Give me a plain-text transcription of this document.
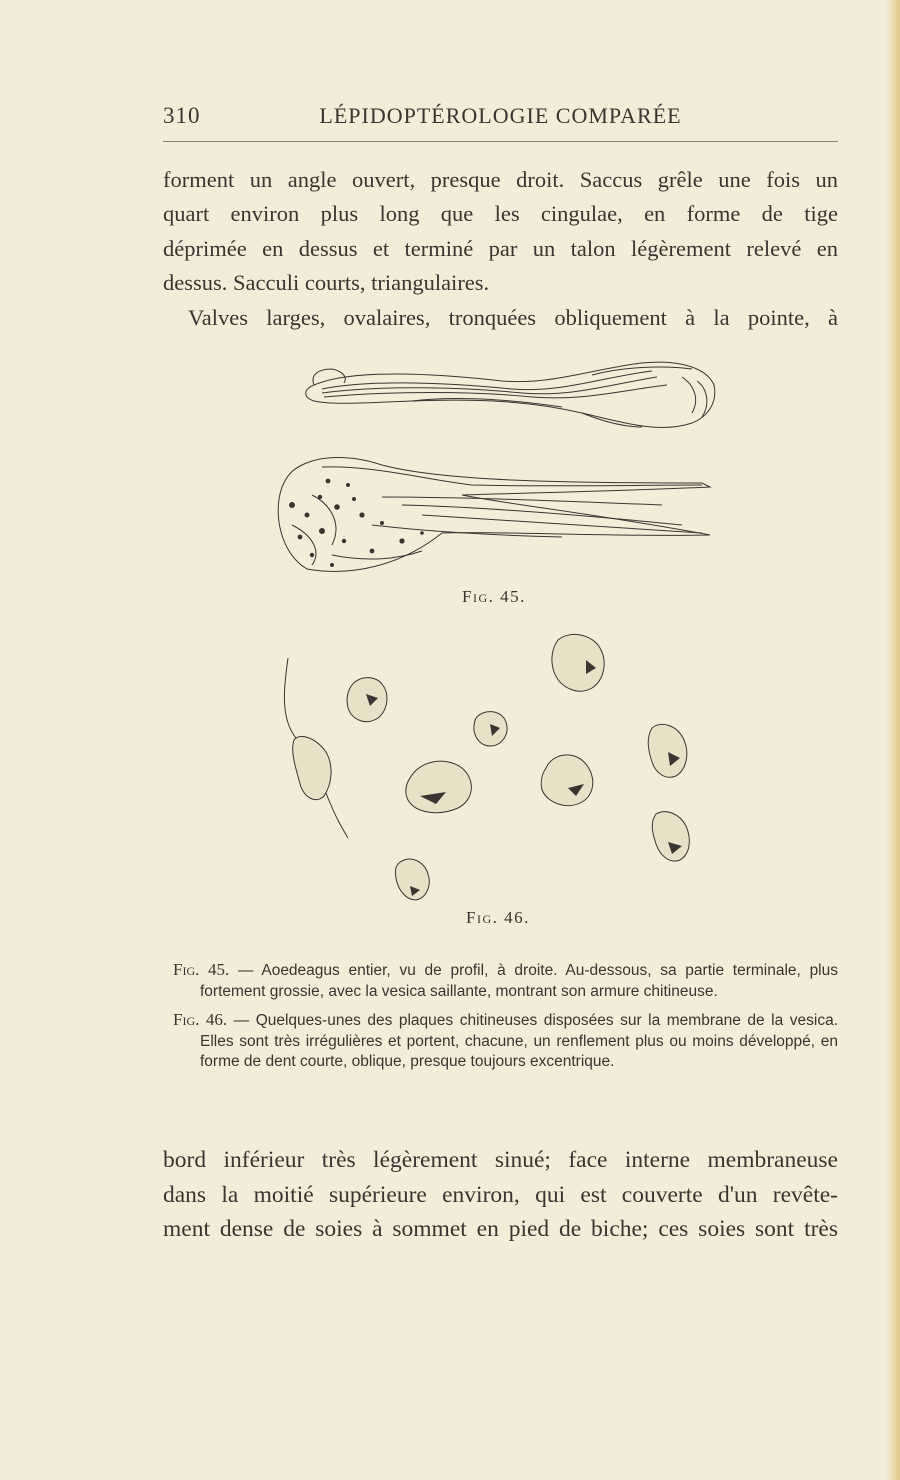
310	LÉPIDOPTÉROLOGIE COMPARÉE

forment un angle ouvert, presque droit. Saccus grêle une fois un

quart environ plus long que les cingulae, en forme de tige

déprimée en dessus et terminé par un talon légèrement relevé en

dessus. Sacculi courts, triangulaires.

Valves larges, ovalaires, tronquées obliquement à la pointe, à

Fig. 45.
Fig. 46.

Fig. 45. — Aoedeagus entier, vu de profil, à droite. Au-dessous, sa partie terminale, plus fortement grossie, avec la vesica saillante, montrant son armure chitineuse.

Fig. 46. — Quelques-unes des plaques chitineuses disposées sur la membrane de la vesica. Elles sont très irrégulières et portent, chacune, un renflement plus ou moins développé, en forme de dent courte, oblique, presque toujours excentrique.

bord inférieur très légèrement sinué; face interne membraneuse

dans la moitié supérieure environ, qui est couverte d'un revête-

ment dense de soies à sommet en pied de biche; ces soies sont très
